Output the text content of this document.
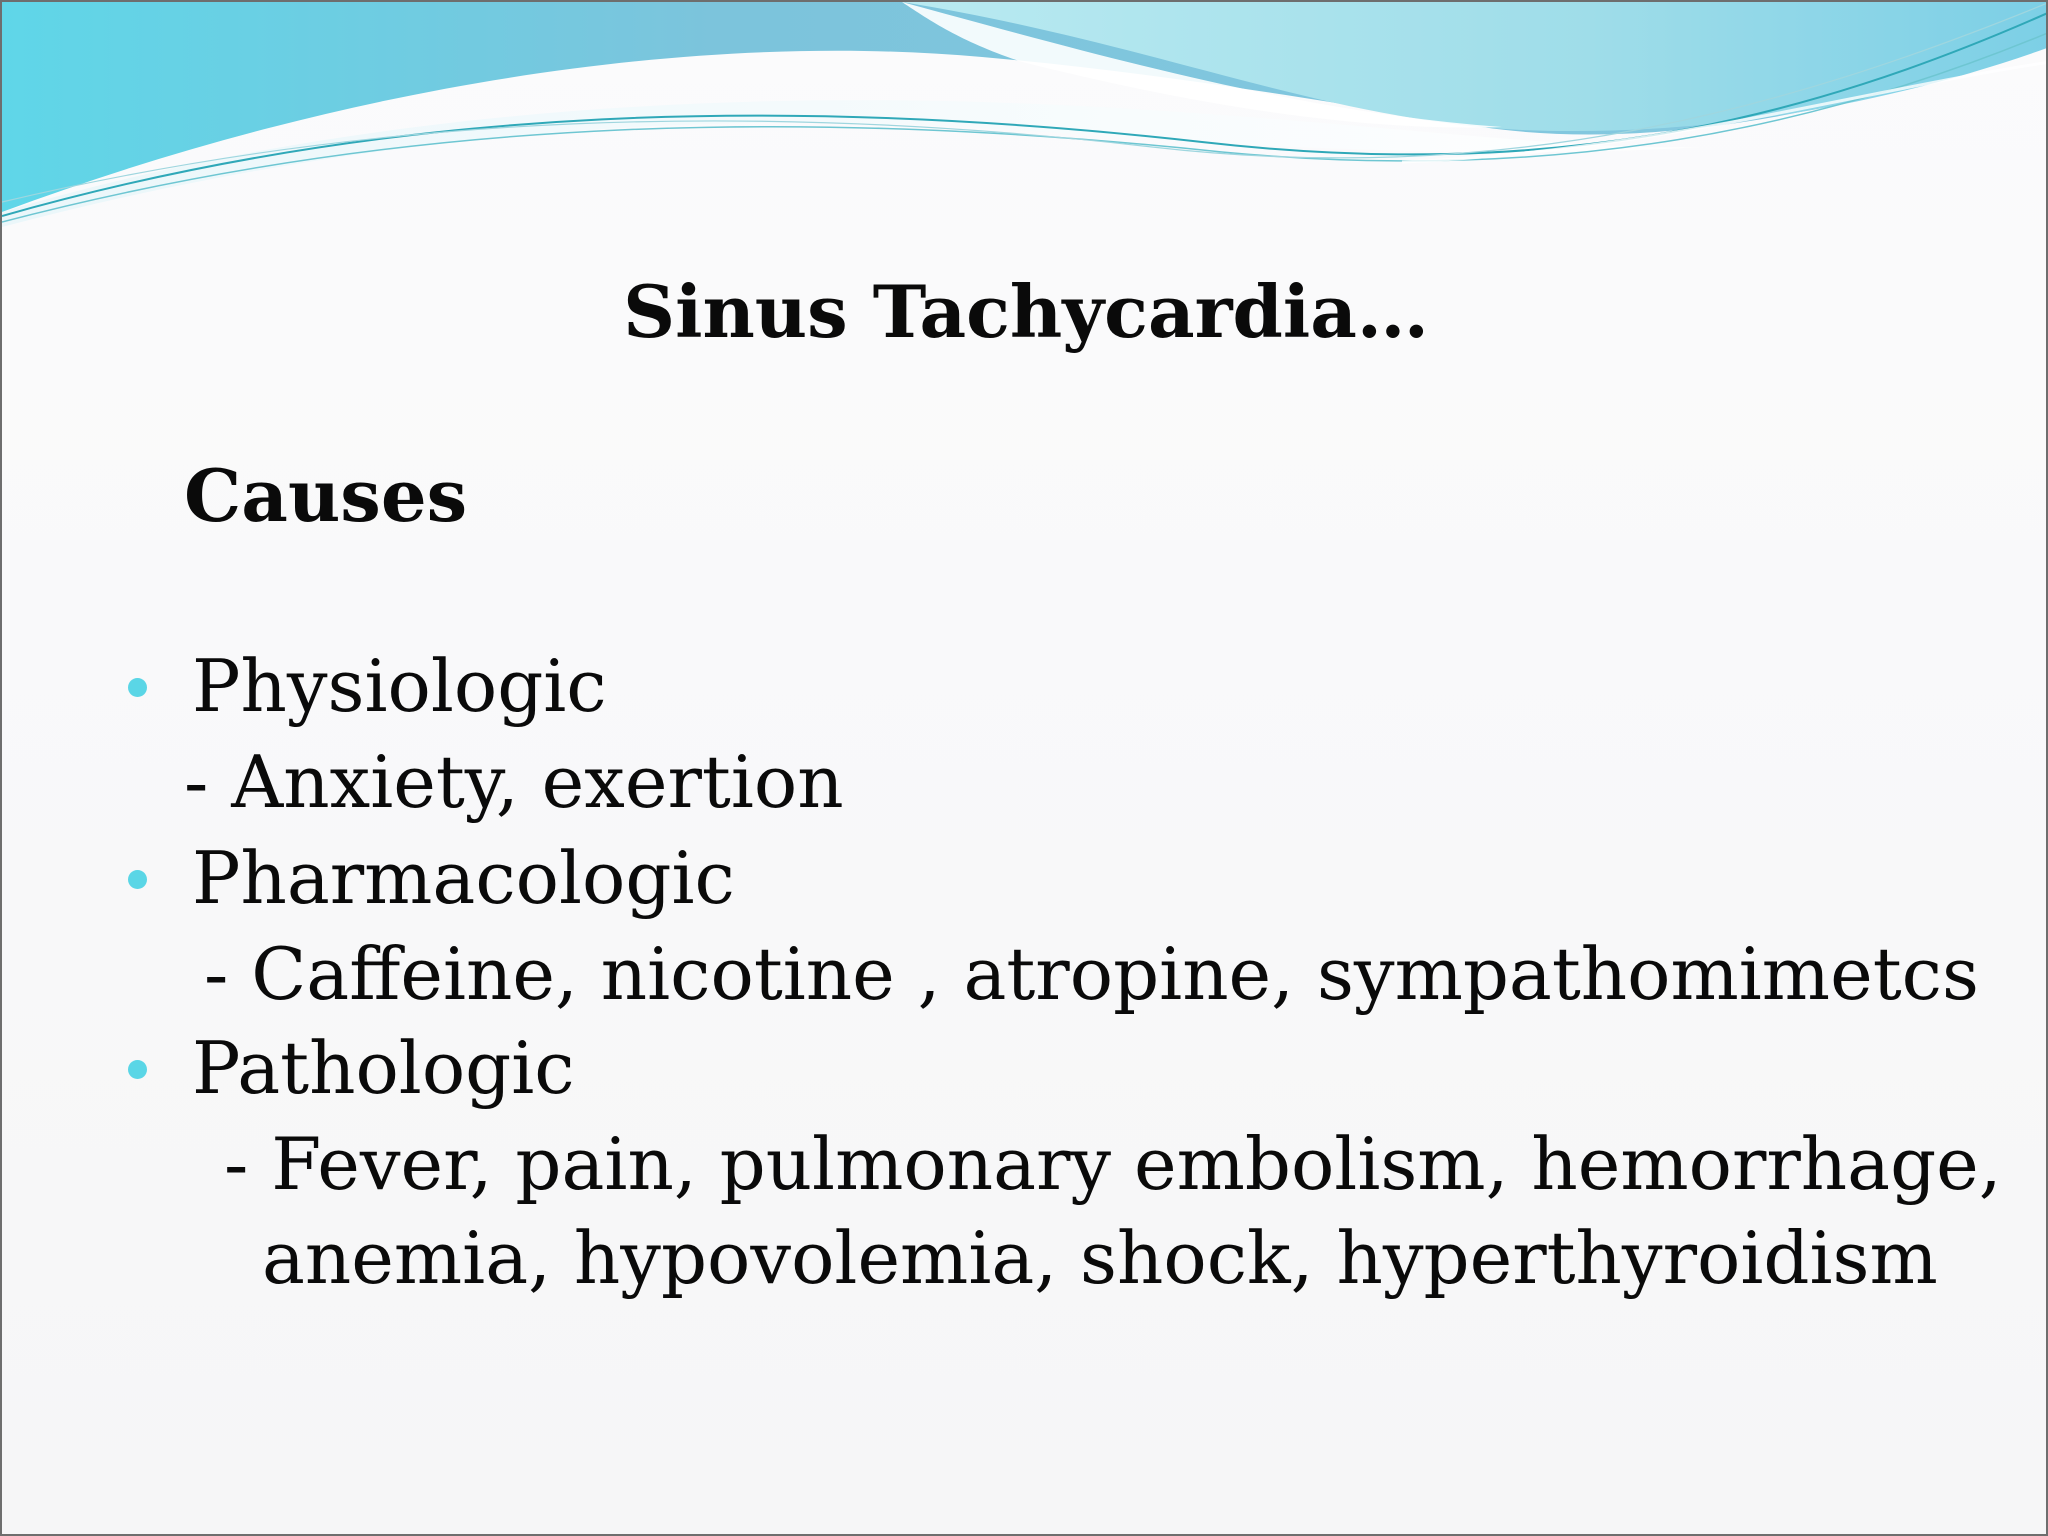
Sinus Tachycardia…
Causes
Physiologic
- Anxiety, exertion
Pharmacologic
- Caffeine, nicotine , atropine, sympathomimetcs
Pathologic
- Fever, pain, pulmonary embolism, hemorrhage,
anemia, hypovolemia, shock, hyperthyroidism
